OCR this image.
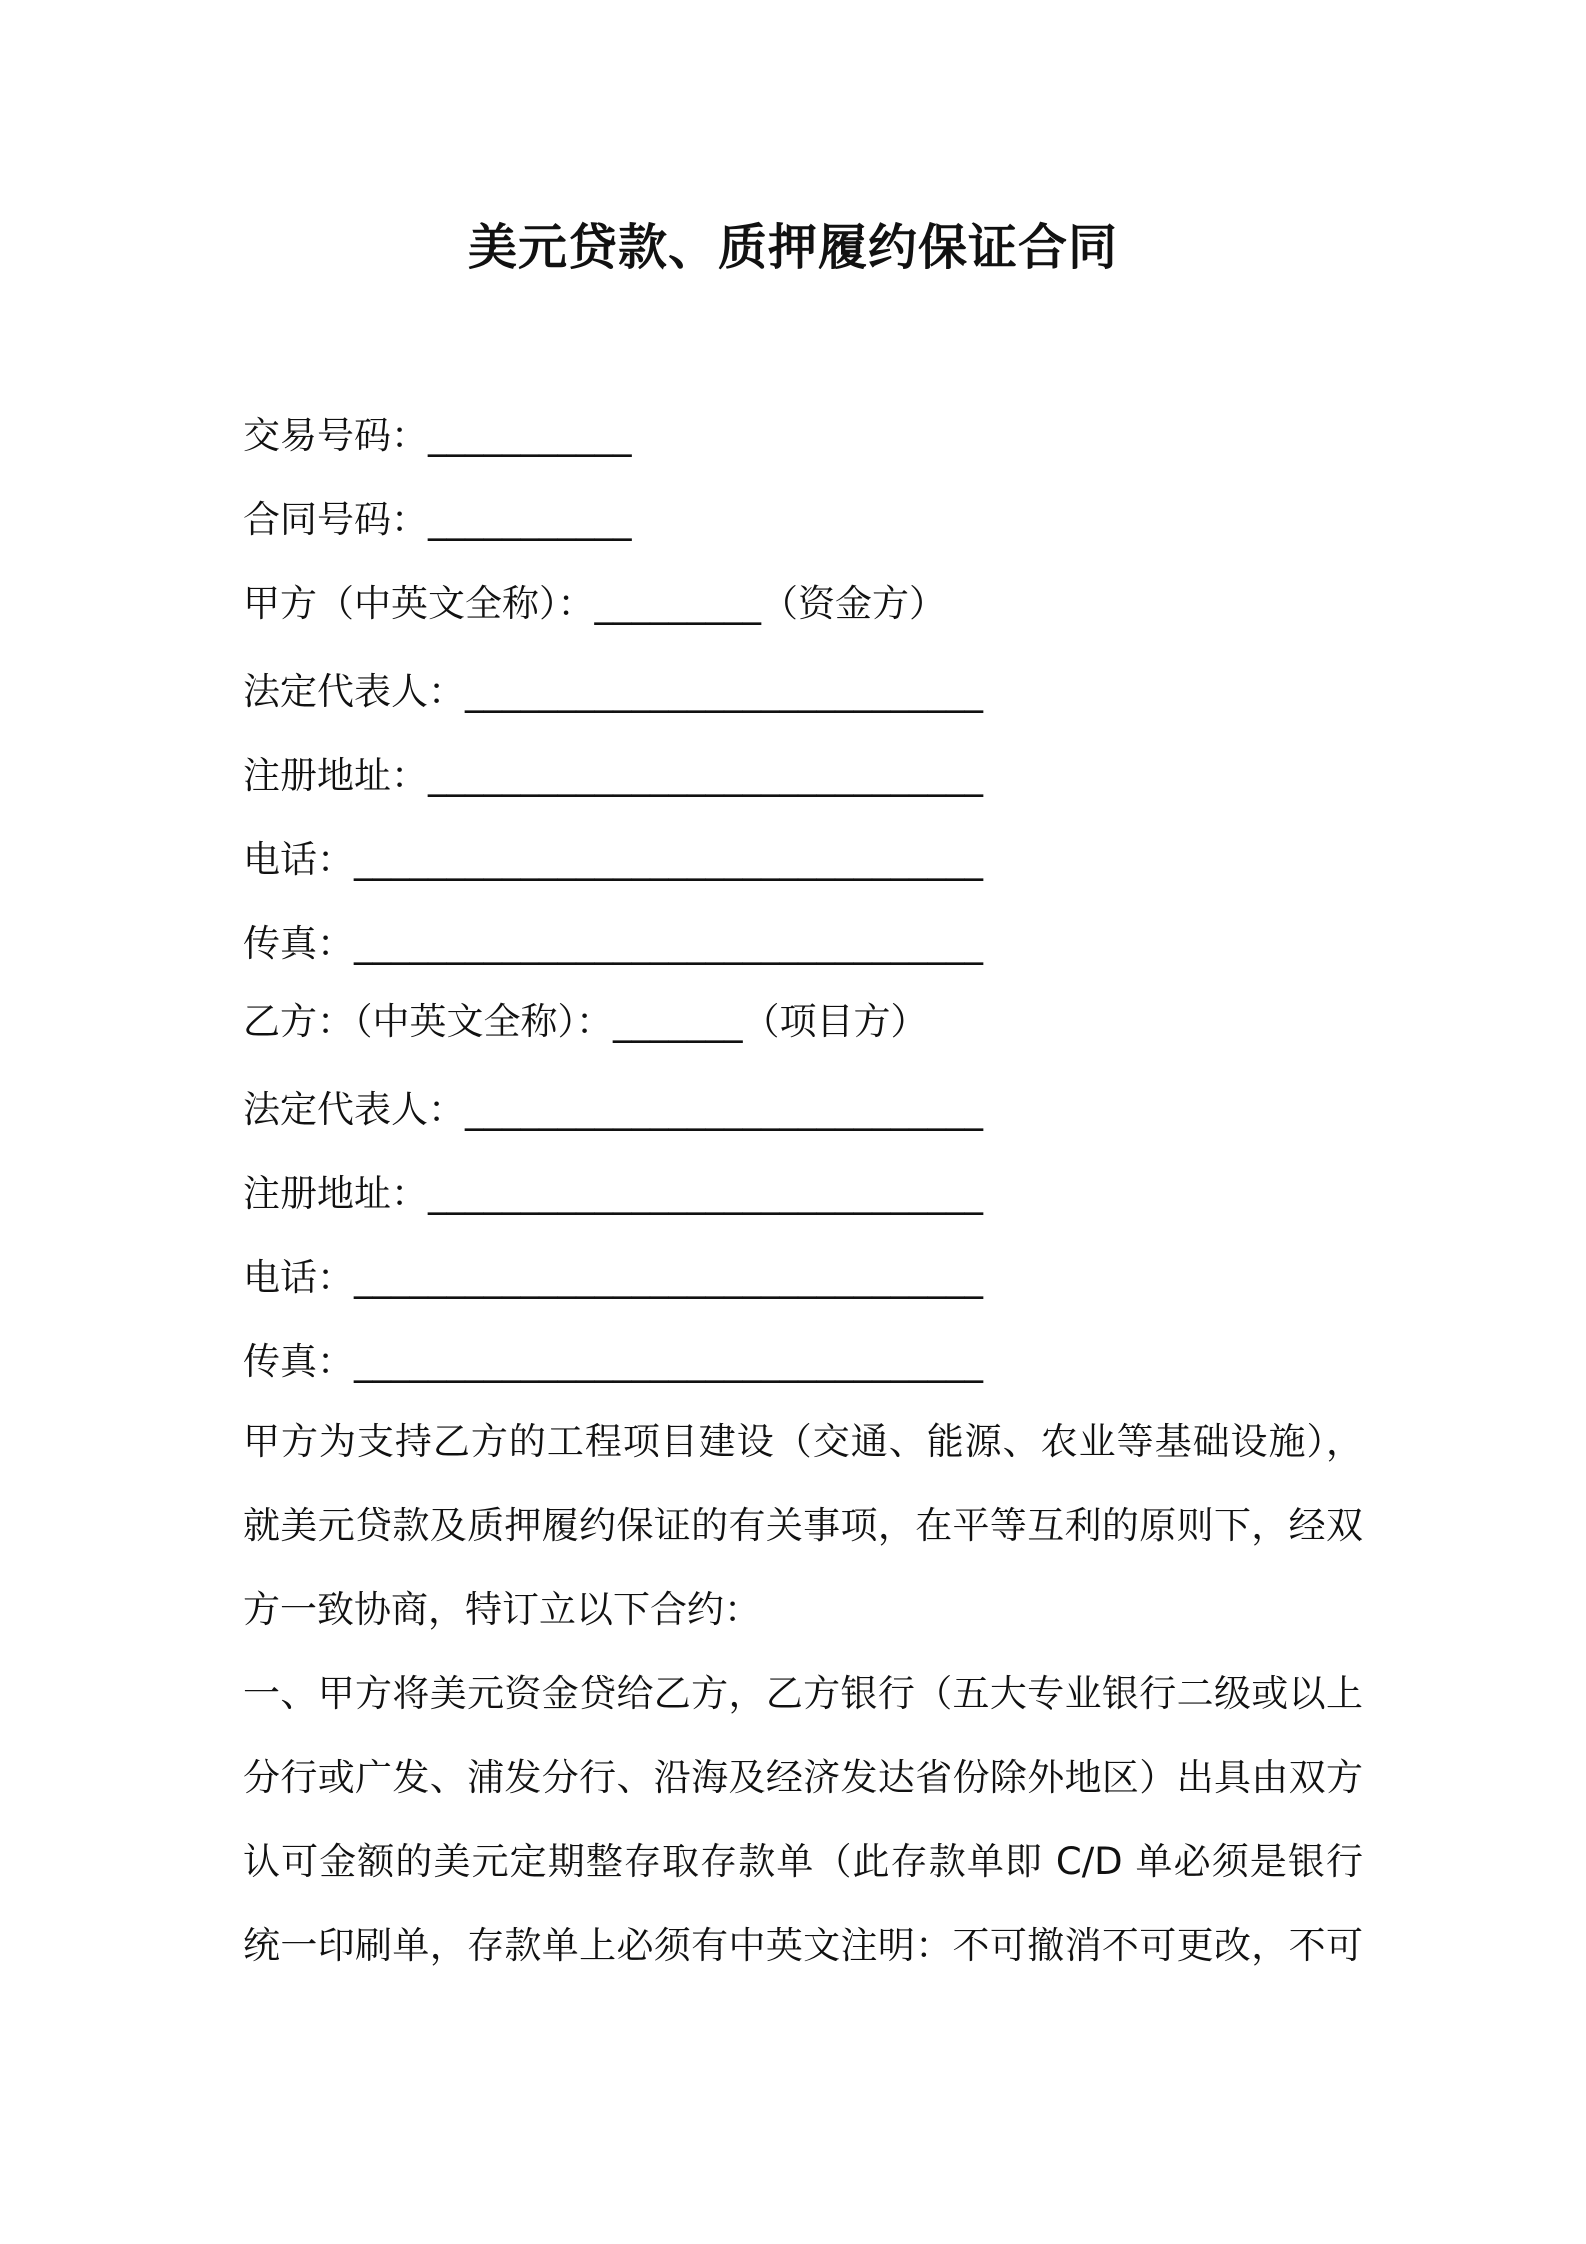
美元贷款、质押履约保证合同
交易号码：___________
合同号码：___________
甲方（中英文全称）：_________（资金方）
法定代表人：____________________________
注册地址：______________________________
电话：__________________________________
传真：__________________________________
乙方：（中英文全称）：_______（项目方）
法定代表人：____________________________
注册地址：______________________________
电话：__________________________________
传真：__________________________________
甲方为支持乙方的工程项目建设（交通、能源、农业等基础设施），
就美元贷款及质押履约保证的有关事项，在平等互利的原则下，经双
方一致协商，特订立以下合约：
一、甲方将美元资金贷给乙方，乙方银行（五大专业银行二级或以上
分行或广发、浦发分行、沿海及经济发达省份除外地区）出具由双方
认可金额的美元定期整存取存款单（此存款单即 C/D 单必须是银行
统一印刷单，存款单上必须有中英文注明：不可撤消不可更改，不可
